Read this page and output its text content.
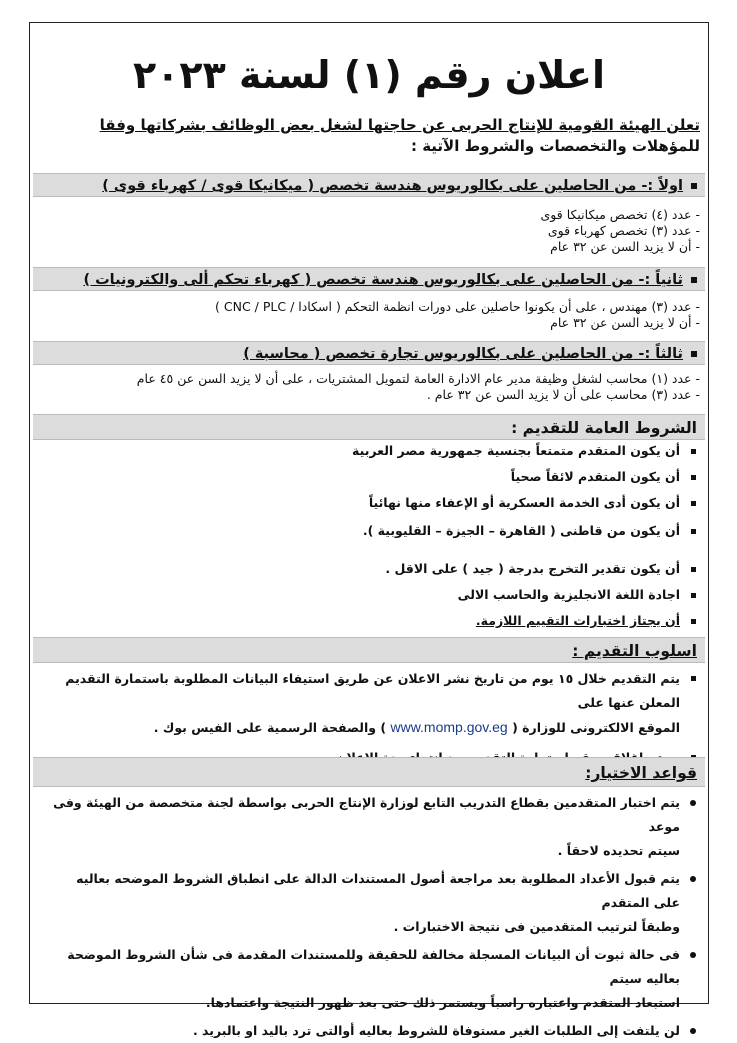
اعلان رقم (١) لسنة ٢٠٢٣
تعلن الهيئة القومية للإنتاج الحربى عن حاجتها لشغل بعض الوظائف بشركاتها وفقا
للمؤهلات والتخصصات والشروط الآتية :
اولاً :- من الحاصلين على بكالوريوس هندسة تخصص ( ميكانيكا قوى / كهرباء قوى )
- عدد (٤) تخصص ميكانيكا قوى
- عدد (٣) تخصص كهرباء قوى
- أن لا يزيد السن عن ٣٢ عام
ثانياً :- من الحاصلين على بكالوريوس هندسة تخصص ( كهرباء تحكم ألى والكترونيات )
- عدد (٣) مهندس ، على أن يكونوا حاصلين على دورات انظمة التحكم ( اسكادا / CNC / PLC )
- أن لا يزيد السن عن ٣٢ عام
ثالثاً :- من الحاصلين على بكالوريوس تجارة تخصص ( محاسبة )
- عدد (١) محاسب لشغل وظيفة مدير عام الادارة العامة لتمويل المشتريات ، على أن لا يزيد السن عن ٤٥ عام
- عدد (٣) محاسب على أن لا يزيد السن عن ٣٢ عام .
الشروط العامة للتقديم :
أن يكون المتقدم متمتعاً بجنسية جمهورية مصر العربية
أن يكون المتقدم لائقاً صحياً
أن يكون أدى الخدمة العسكرية أو الإعفاء منها نهائياً
أن يكون من قاطنى ( القاهرة – الجيزة – القليوبية ).
أن يكون تقدير التخرج بدرجة ( جيد ) على الاقل .
اجادة اللغة الانجليزية والحاسب الالى
أن يجتاز اختبارات التقييم اللازمة.
اسلوب التقديم :
يتم التقديم خلال ١٥ يوم من تاريخ نشر الاعلان عن طريق استيفاء البيانات المطلوبة باستمارة التقديم المعلن عنها على
الموقع الالكترونى للوزارة ( www.momp.gov.eg ) والصفحة الرسمية على الفيس بوك .
قواعد الاختيار:
يتم اختبار المتقدمين بقطاع التدريب التابع لوزارة الإنتاج الحربى بواسطة لجنة متخصصة من الهيئة وفى موعد
سيتم تحديده لاحقاً .
يتم قبول الأعداد المطلوبة بعد مراجعة أصول المستندات الدالة على انطباق الشروط الموضحه بعاليه على المتقدم
وطبقاً لترتيب المتقدمين فى نتيجة الاختبارات .
فى حالة ثبوت أن البيانات المسجلة مخالفة للحقيقة وللمستندات المقدمة فى شأن الشروط الموضحة بعاليه سيتم
استبعاد المتقدم واعتباره راسباً ويستمر ذلك حتى بعد ظهور النتيجة واعتمادها.
لن يلتفت إلى الطلبات الغير مستوفاة للشروط بعاليه أوالتى ترد باليد او بالبريد .
